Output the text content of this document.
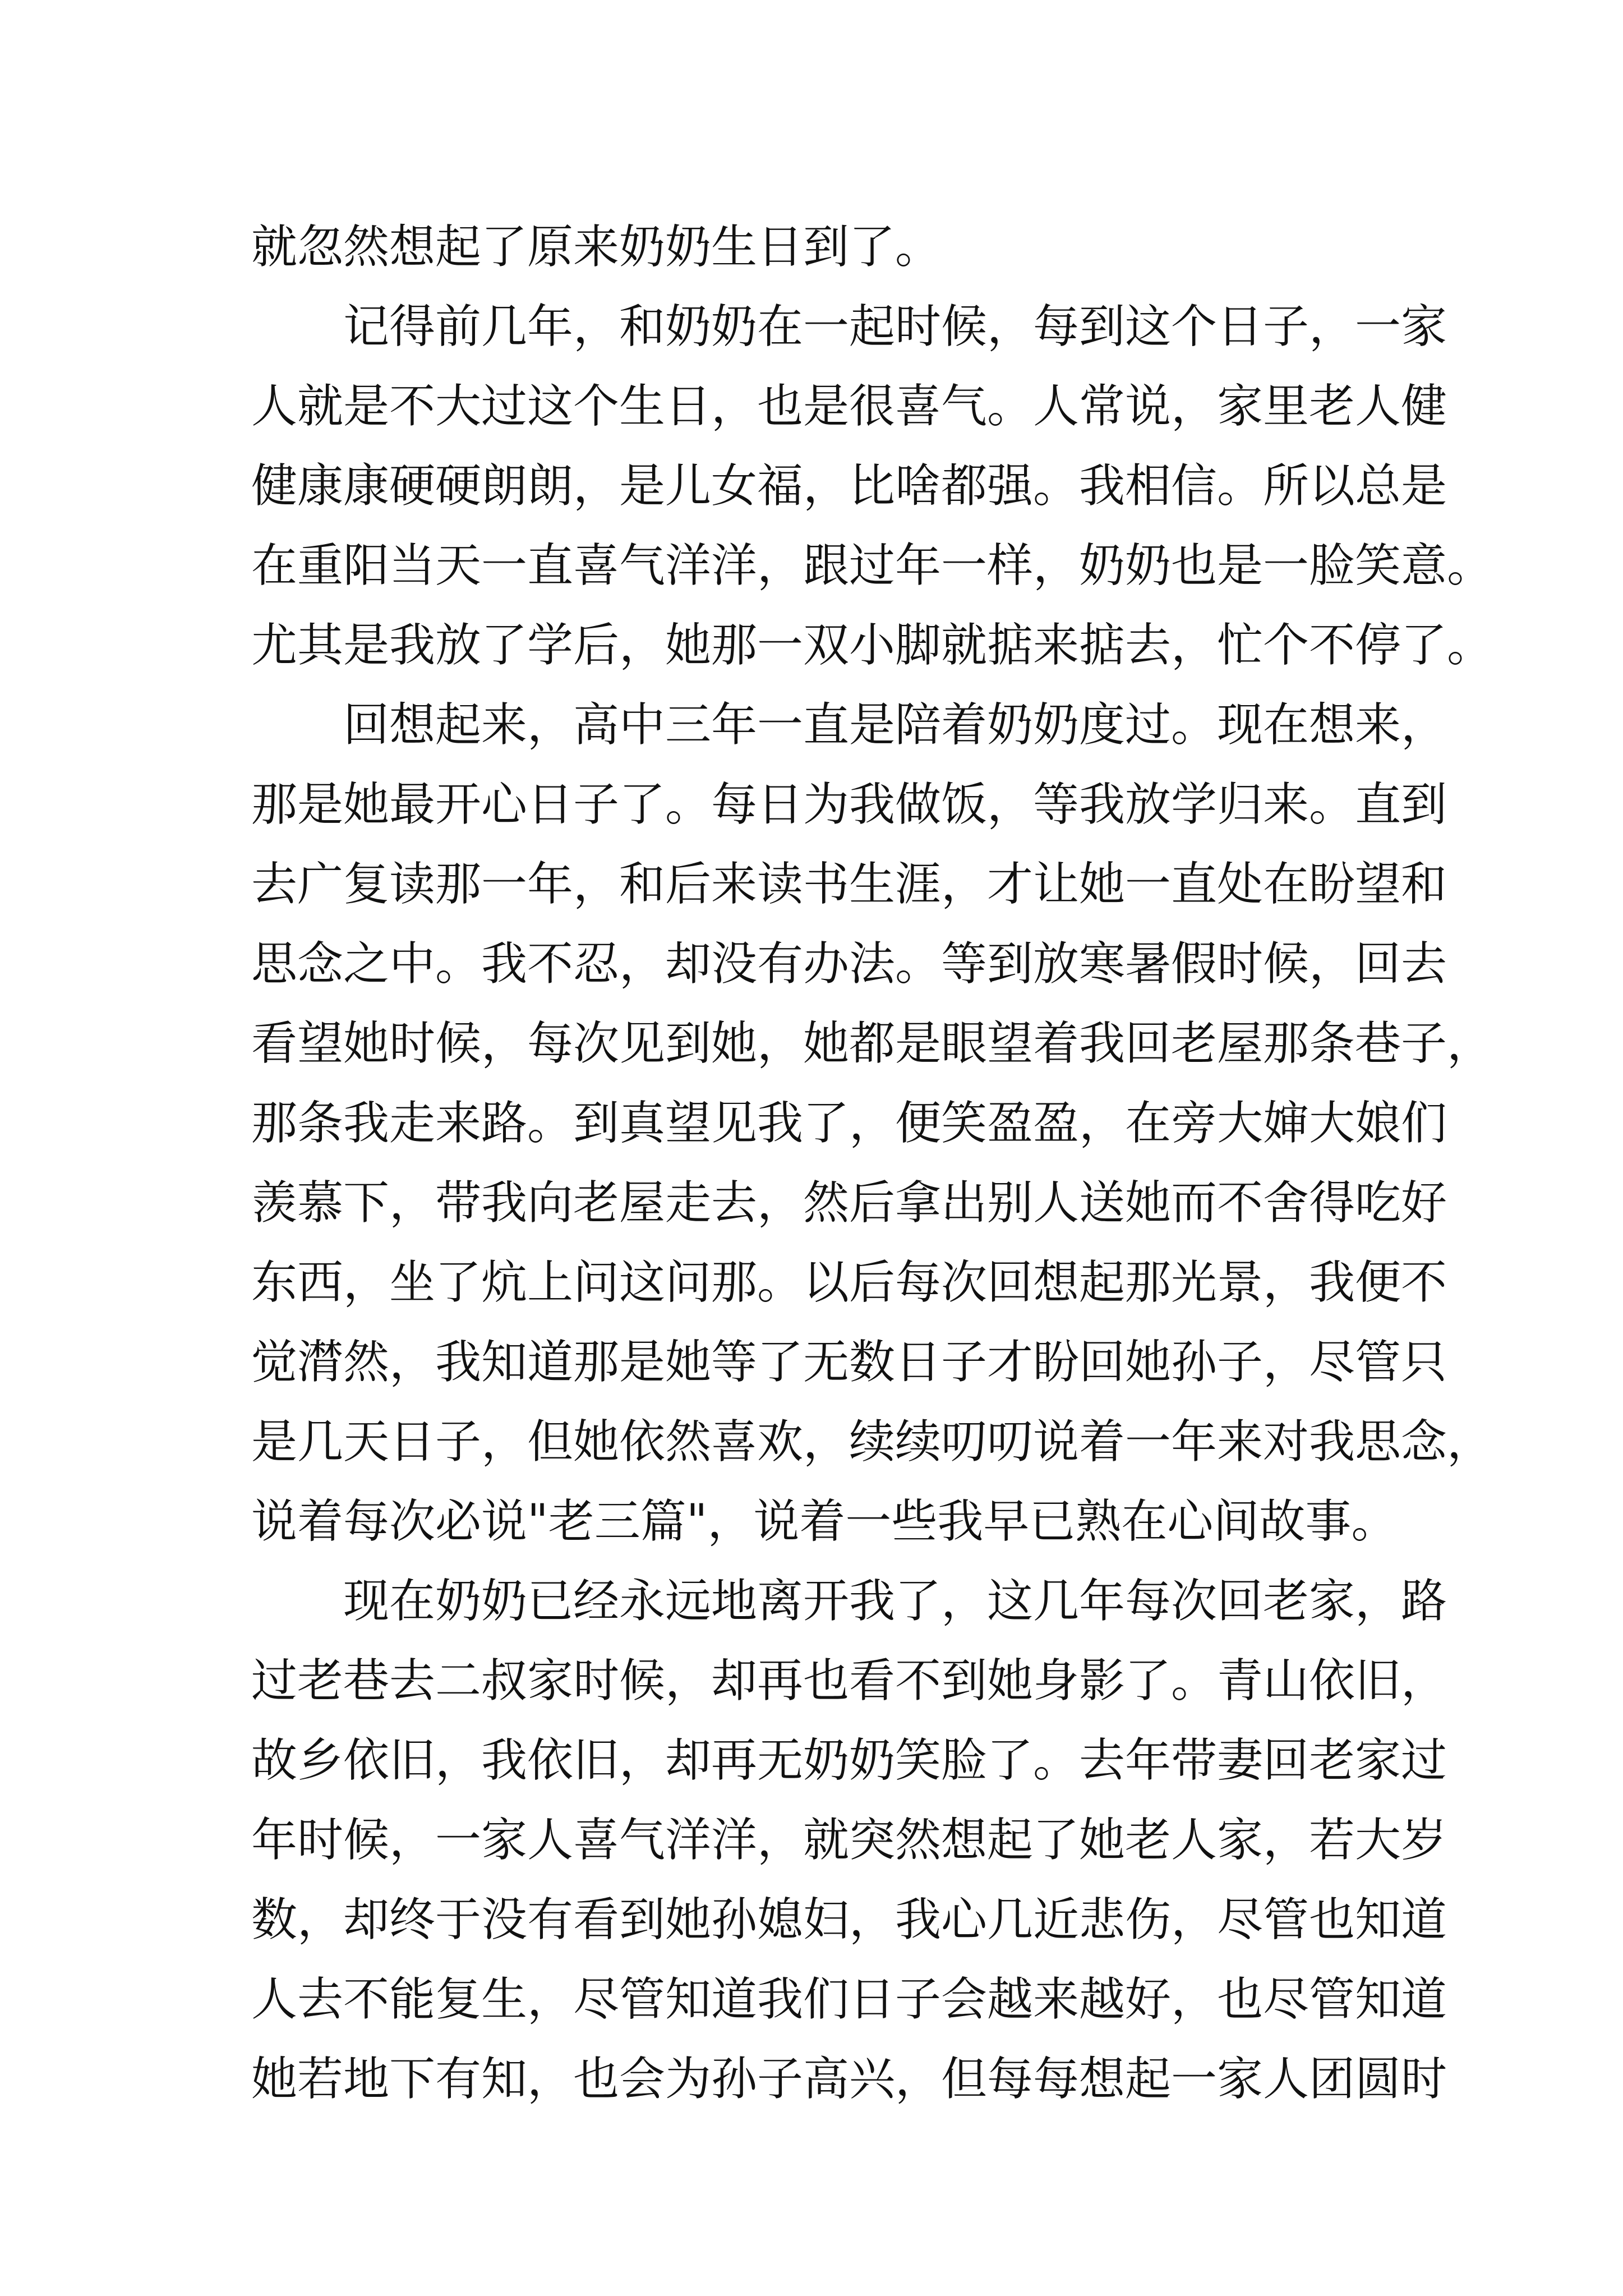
就忽然想起了原来奶奶生日到了。
记得前几年，和奶奶在一起时候，每到这个日子，一家
人就是不大过这个生日，也是很喜气。人常说，家里老人健
健康康硬硬朗朗，是儿女福，比啥都强。我相信。所以总是
在重阳当天一直喜气洋洋，跟过年一样，奶奶也是一脸笑意。
尤其是我放了学后，她那一双小脚就掂来掂去，忙个不停了。
回想起来，高中三年一直是陪着奶奶度过。现在想来，
那是她最开心日子了。每日为我做饭，等我放学归来。直到
去广复读那一年，和后来读书生涯，才让她一直处在盼望和
思念之中。我不忍，却没有办法。等到放寒暑假时候，回去
看望她时候，每次见到她，她都是眼望着我回老屋那条巷子，
那条我走来路。到真望见我了，便笑盈盈，在旁大婶大娘们
羡慕下，带我向老屋走去，然后拿出别人送她而不舍得吃好
东西，坐了炕上问这问那。以后每次回想起那光景，我便不
觉潸然，我知道那是她等了无数日子才盼回她孙子，尽管只
是几天日子，但她依然喜欢，续续叨叨说着一年来对我思念，
说着每次必说"老三篇"，说着一些我早已熟在心间故事。
现在奶奶已经永远地离开我了，这几年每次回老家，路
过老巷去二叔家时候，却再也看不到她身影了。青山依旧，
故乡依旧，我依旧，却再无奶奶笑脸了。去年带妻回老家过
年时候，一家人喜气洋洋，就突然想起了她老人家，若大岁
数，却终于没有看到她孙媳妇，我心几近悲伤，尽管也知道
人去不能复生，尽管知道我们日子会越来越好，也尽管知道
她若地下有知，也会为孙子高兴，但每每想起一家人团圆时
